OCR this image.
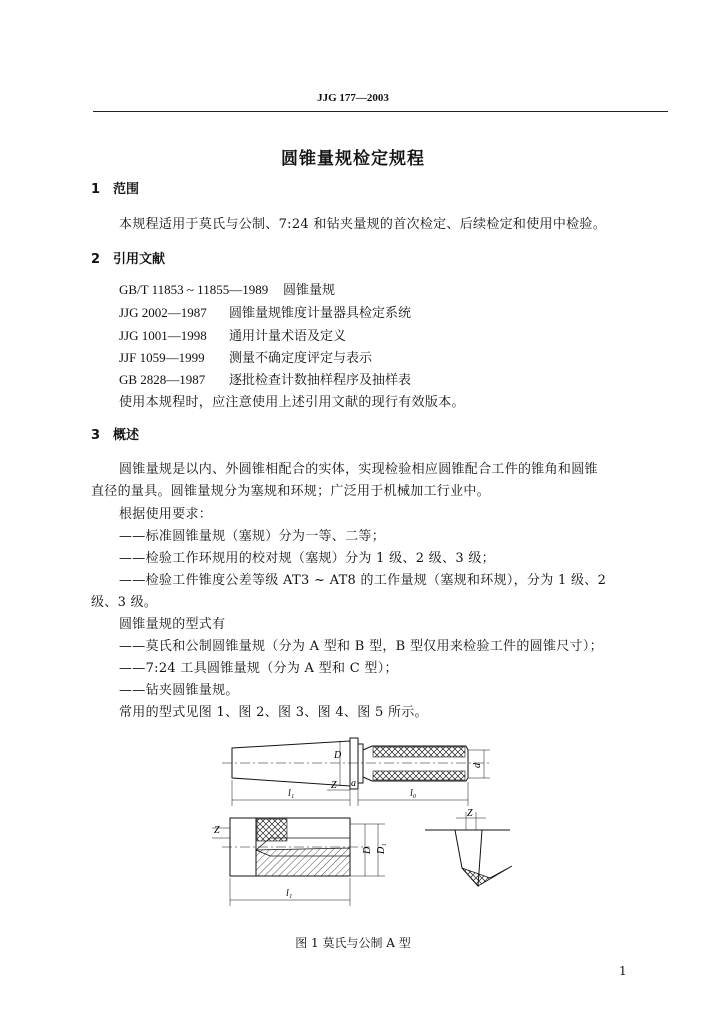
JJG 177—2003
圆锥量规检定规程
1 范围
本规程适用于莫氏与公制、7:24 和钻夹量规的首次检定、后续检定和使用中检验。
2 引用文献
GB/T 11853 ~ 11855—1989 圆锥量规
JJG 2002—1987 圆锥量规锥度计量器具检定系统
JJG 1001—1998 通用计量术语及定义
JJF 1059—1999 测量不确定度评定与表示
GB 2828—1987 逐批检查计数抽样程序及抽样表
使用本规程时，应注意使用上述引用文献的现行有效版本。
3 概述
圆锥量规是以内、外圆锥相配合的实体，实现检验相应圆锥配合工件的锥角和圆锥
直径的量具。圆锥量规分为塞规和环规；广泛用于机械加工行业中。
根据使用要求：
——标准圆锥量规（塞规）分为一等、二等；
——检验工作环规用的校对规（塞规）分为 1 级、2 级、3 级；
——检验工件锥度公差等级 AT3 ~ AT8 的工作量规（塞规和环规），分为 1 级、2
级、3 级。
圆锥量规的型式有
——莫氏和公制圆锥量规（分为 A 型和 B 型，B 型仅用来检验工件的圆锥尺寸）；
——7:24 工具圆锥量规（分为 A 型和 C 型）；
——钻夹圆锥量规。
常用的型式见图 1、图 2、图 3、图 4、图 5 所示。
d
D
l₁
Z a
l₀
l₁
Z
D D₁
Z
图 1 莫氏与公制 A 型
1
